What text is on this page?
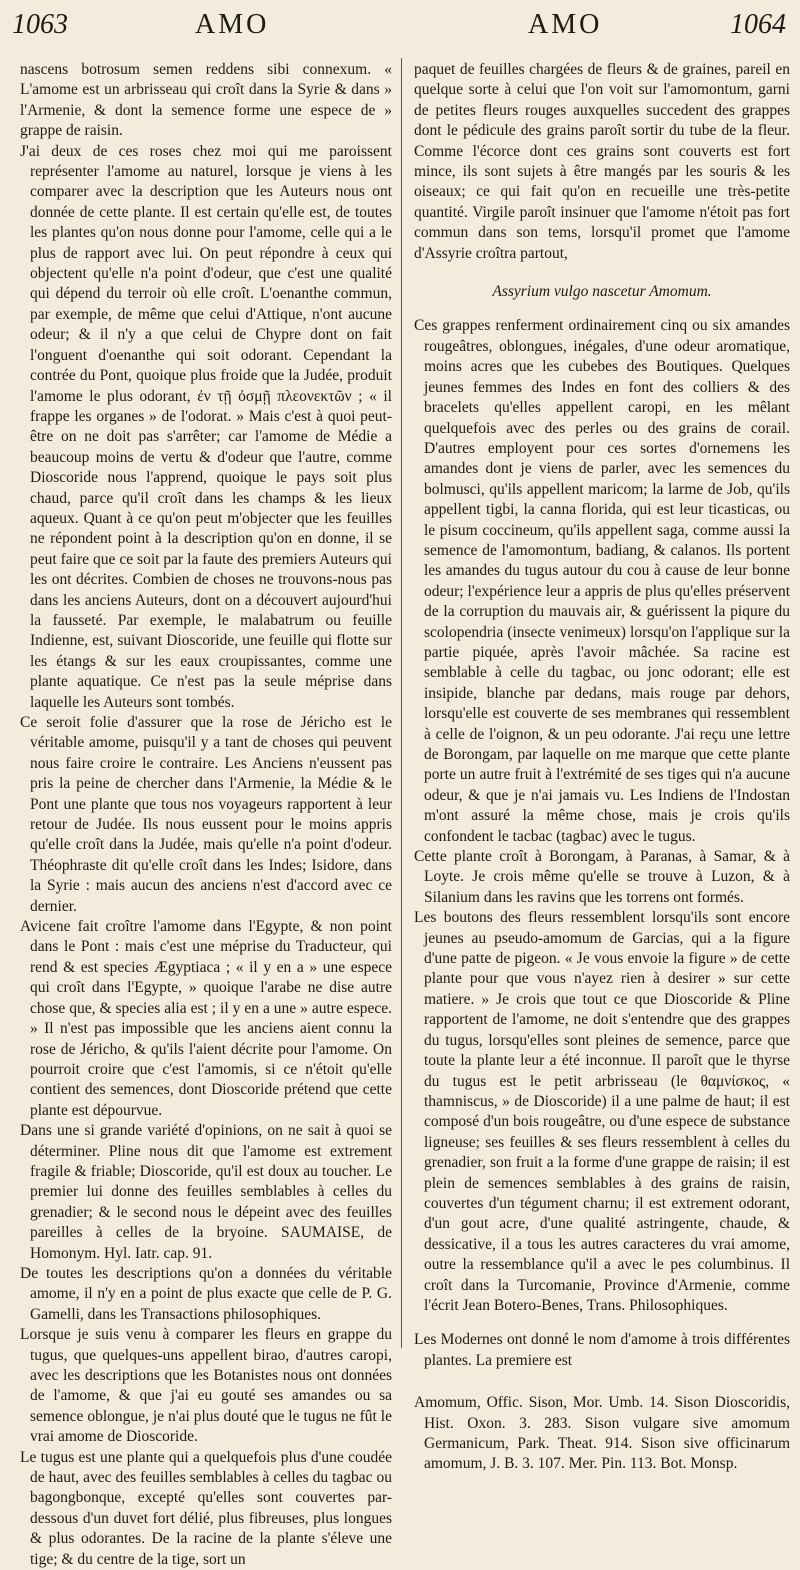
1063	AMO	AMO	1064

nascens botrosum semen reddens sibi connexum. « L'amome est un arbrisseau qui croît dans la Syrie & dans » l'Armenie, & dont la semence forme une espece de » grappe de raisin.

J'ai deux de ces roses chez moi qui me paroissent représenter l'amome au naturel, lorsque je viens à les comparer avec la description que les Auteurs nous ont donnée de cette plante. Il est certain qu'elle est, de toutes les plantes qu'on nous donne pour l'amome, celle qui a le plus de rapport avec lui. On peut répondre à ceux qui objectent qu'elle n'a point d'odeur, que c'est une qualité qui dépend du terroir où elle croît. L'oenanthe commun, par exemple, de même que celui d'Attique, n'ont aucune odeur; & il n'y a que celui de Chypre dont on fait l'onguent d'oenanthe qui soit odorant. Cependant la contrée du Pont, quoique plus froide que la Judée, produit l'amome le plus odorant, ἐν τῇ ὀσμῇ πλεονεκτῶν ; « il frappe les organes » de l'odorat. » Mais c'est à quoi peut-être on ne doit pas s'arrêter; car l'amome de Médie a beaucoup moins de vertu & d'odeur que l'autre, comme Dioscoride nous l'apprend, quoique le pays soit plus chaud, parce qu'il croît dans les champs & les lieux aqueux. Quant à ce qu'on peut m'objecter que les feuilles ne répondent point à la description qu'on en donne, il se peut faire que ce soit par la faute des premiers Auteurs qui les ont décrites. Combien de choses ne trouvons-nous pas dans les anciens Auteurs, dont on a découvert aujourd'hui la fausseté. Par exemple, le malabatrum ou feuille Indienne, est, suivant Dioscoride, une feuille qui flotte sur les étangs & sur les eaux croupissantes, comme une plante aquatique. Ce n'est pas la seule méprise dans laquelle les Auteurs sont tombés.

Ce seroit folie d'assurer que la rose de Jéricho est le véritable amome, puisqu'il y a tant de choses qui peuvent nous faire croire le contraire. Les Anciens n'eussent pas pris la peine de chercher dans l'Armenie, la Médie & le Pont une plante que tous nos voyageurs rapportent à leur retour de Judée. Ils nous eussent pour le moins appris qu'elle croît dans la Judée, mais qu'elle n'a point d'odeur. Théophraste dit qu'elle croît dans les Indes; Isidore, dans la Syrie : mais aucun des anciens n'est d'accord avec ce dernier.

Avicene fait croître l'amome dans l'Egypte, & non point dans le Pont : mais c'est une méprise du Traducteur, qui rend & est species Ægyptiaca ; « il y en a » une espece qui croît dans l'Egypte, » quoique l'arabe ne dise autre chose que, & species alia est ; il y en a une » autre espece. » Il n'est pas impossible que les anciens aient connu la rose de Jéricho, & qu'ils l'aient décrite pour l'amome. On pourroit croire que c'est l'amomis, si ce n'étoit qu'elle contient des semences, dont Dioscoride prétend que cette plante est dépourvue.

Dans une si grande variété d'opinions, on ne sait à quoi se déterminer. Pline nous dit que l'amome est extrement fragile & friable; Dioscoride, qu'il est doux au toucher. Le premier lui donne des feuilles semblables à celles du grenadier; & le second nous le dépeint avec des feuilles pareilles à celles de la bryoine. SAUMAISE, de Homonym. Hyl. Iatr. cap. 91.

De toutes les descriptions qu'on a données du véritable amome, il n'y en a point de plus exacte que celle de P. G. Gamelli, dans les Transactions philosophiques.

Lorsque je suis venu à comparer les fleurs en grappe du tugus, que quelques-uns appellent birao, d'autres caropi, avec les descriptions que les Botanistes nous ont données de l'amome, & que j'ai eu gouté ses amandes ou sa semence oblongue, je n'ai plus douté que le tugus ne fût le vrai amome de Dioscoride.

Le tugus est une plante qui a quelquefois plus d'une coudée de haut, avec des feuilles semblables à celles du tagbac ou bagongbonque, excepté qu'elles sont couvertes par-dessous d'un duvet fort délié, plus fibreuses, plus longues & plus odorantes. De la racine de la plante s'éleve une tige; & du centre de la tige, sort un

paquet de feuilles chargées de fleurs & de graines, pareil en quelque sorte à celui que l'on voit sur l'amomontum, garni de petites fleurs rouges auxquelles succedent des grappes dont le pédicule des grains paroît sortir du tube de la fleur. Comme l'écorce dont ces grains sont couverts est fort mince, ils sont sujets à être mangés par les souris & les oiseaux; ce qui fait qu'on en recueille une très-petite quantité. Virgile paroît insinuer que l'amome n'étoit pas fort commun dans son tems, lorsqu'il promet que l'amome d'Assyrie croîtra partout,

Assyrium vulgo nascetur Amomum.

Ces grappes renferment ordinairement cinq ou six amandes rougeâtres, oblongues, inégales, d'une odeur aromatique, moins acres que les cubebes des Boutiques. Quelques jeunes femmes des Indes en font des colliers & des bracelets qu'elles appellent caropi, en les mêlant quelquefois avec des perles ou des grains de corail. D'autres employent pour ces sortes d'ornemens les amandes dont je viens de parler, avec les semences du bolmusci, qu'ils appellent maricom; la larme de Job, qu'ils appellent tigbi, la canna florida, qui est leur ticasticas, ou le pisum coccineum, qu'ils appellent saga, comme aussi la semence de l'amomontum, badiang, & calanos. Ils portent les amandes du tugus autour du cou à cause de leur bonne odeur; l'expérience leur a appris de plus qu'elles préservent de la corruption du mauvais air, & guérissent la piqure du scolopendria (insecte venimeux) lorsqu'on l'applique sur la partie piquée, après l'avoir mâchée. Sa racine est semblable à celle du tagbac, ou jonc odorant; elle est insipide, blanche par dedans, mais rouge par dehors, lorsqu'elle est couverte de ses membranes qui ressemblent à celle de l'oignon, & un peu odorante. J'ai reçu une lettre de Borongam, par laquelle on me marque que cette plante porte un autre fruit à l'extrémité de ses tiges qui n'a aucune odeur, & que je n'ai jamais vu. Les Indiens de l'Indostan m'ont assuré la même chose, mais je crois qu'ils confondent le tacbac (tagbac) avec le tugus.

Cette plante croît à Borongam, à Paranas, à Samar, & à Loyte. Je crois même qu'elle se trouve à Luzon, & à Silanium dans les ravins que les torrens ont formés.

Les boutons des fleurs ressemblent lorsqu'ils sont encore jeunes au pseudo-amomum de Garcias, qui a la figure d'une patte de pigeon. « Je vous envoie la figure » de cette plante pour que vous n'ayez rien à desirer » sur cette matiere. » Je crois que tout ce que Dioscoride & Pline rapportent de l'amome, ne doit s'entendre que des grappes du tugus, lorsqu'elles sont pleines de semence, parce que toute la plante leur a été inconnue. Il paroît que le thyrse du tugus est le petit arbrisseau (le θαμνίσκος, « thamniscus, » de Dioscoride) il a une palme de haut; il est composé d'un bois rougeâtre, ou d'une espece de substance ligneuse; ses feuilles & ses fleurs ressemblent à celles du grenadier, son fruit a la forme d'une grappe de raisin; il est plein de semences semblables à des grains de raisin, couvertes d'un tégument charnu; il est extrement odorant, d'un gout acre, d'une qualité astringente, chaude, & dessicative, il a tous les autres caracteres du vrai amome, outre la ressemblance qu'il a avec le pes columbinus. Il croît dans la Turcomanie, Province d'Armenie, comme l'écrit Jean Botero-Benes, Trans. Philosophiques.

Les Modernes ont donné le nom d'amome à trois différentes plantes. La premiere est

Amomum, Offic. Sison, Mor. Umb. 14. Sison Dioscoridis, Hist. Oxon. 3. 283. Sison vulgare sive amomum Germanicum, Park. Theat. 914. Sison sive officinarum amomum, J. B. 3. 107. Mer. Pin. 113. Bot. Monsp.
